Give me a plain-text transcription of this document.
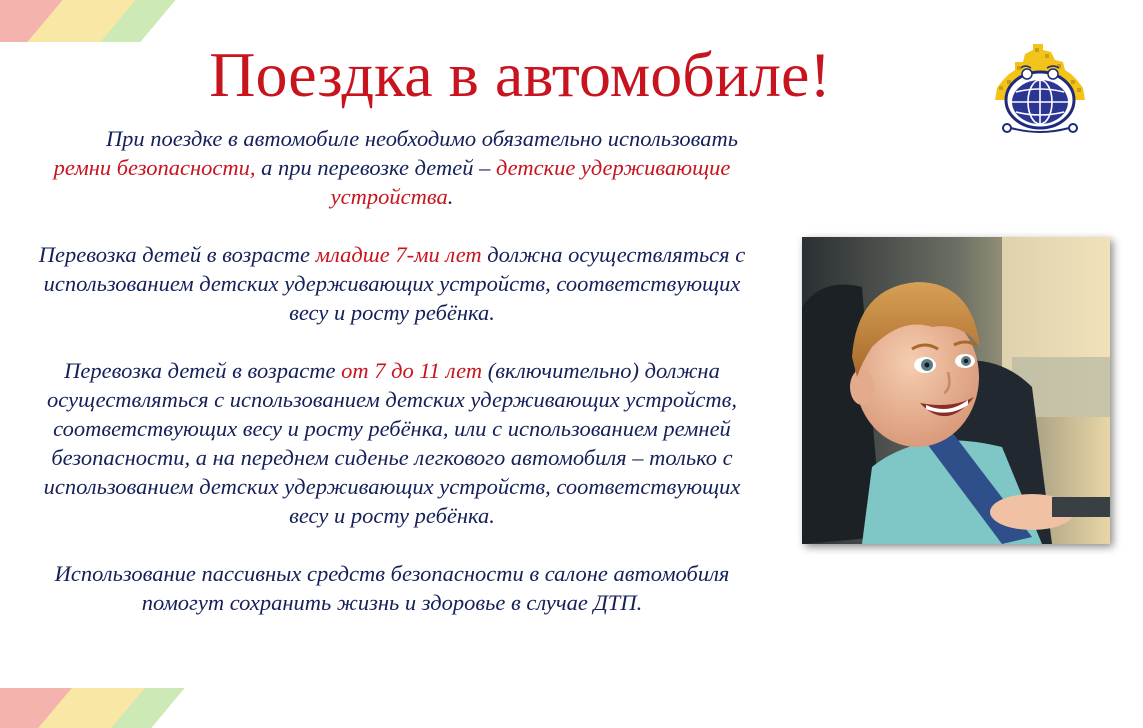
Поездка в автомобиле!

При поездке в автомобиле необходимо обязательно использовать ремни безопасности, а при перевозке детей – детские удерживающие устройства.

Перевозка детей в возрасте младше 7-ми лет должна осуществляться с использованием детских удерживающих устройств, соответствующих весу и росту ребёнка.

Перевозка детей в возрасте от 7 до 11 лет (включительно) должна осуществляться с использованием детских удерживающих устройств, соответствующих весу и росту ребёнка, или с использованием ремней безопасности, а на переднем сиденье легкового автомобиля – только с использованием детских удерживающих устройств, соответствующих весу и росту ребёнка.

Использование пассивных средств безопасности в салоне автомобиля помогут сохранить жизнь и здоровье в случае ДТП.
